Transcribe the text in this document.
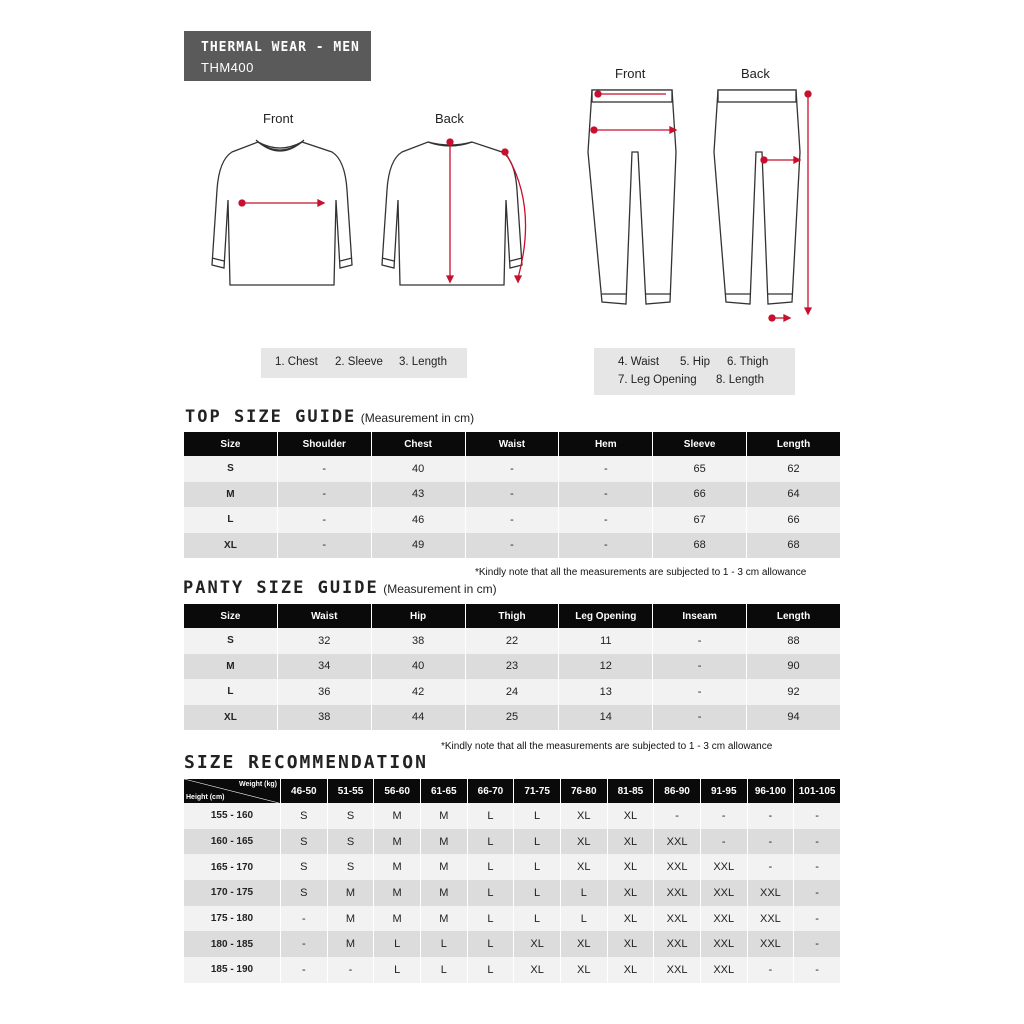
THERMAL WEAR - MEN
THM400
Front	Back
Front	Back
1. Chest 2. Sleeve 3. Length	4. Waist 5. Hip 6. Thigh
7. Leg Opening 8. Length
TOP SIZE GUIDE (Measurement in cm)
Size	Shoulder	Chest	Waist	Hem	Sleeve	Length
S	-	40	-	-	65	62
M	-	43	-	-	66	64
L	-	46	-	-	67	66
XL	-	49	-	-	68	68
*Kindly note that all the measurements are subjected to 1 - 3 cm allowance
PANTY SIZE GUIDE (Measurement in cm)
Size	Waist	Hip	Thigh	Leg Opening	Inseam	Length
S	32	38	22	11	-	88
M	34	40	23	12	-	90
L	36	42	24	13	-	92
XL	38	44	25	14	-	94
*Kindly note that all the measurements are subjected to 1 - 3 cm allowance
SIZE RECOMMENDATION
Weight (kg)
Height (cm)	46-50	51-55	56-60	61-65	66-70	71-75	76-80	81-85	86-90	91-95	96-100	101-105
155 - 160	S	S	M	M	L	L	XL	XL	-	-	-	-
160 - 165	S	S	M	M	L	L	XL	XL	XXL	-	-	-
165 - 170	S	S	M	M	L	L	XL	XL	XXL	XXL	-	-
170 - 175	S	M	M	M	L	L	L	XL	XXL	XXL	XXL	-
175 - 180	-	M	M	M	L	L	L	XL	XXL	XXL	XXL	-
180 - 185	-	M	L	L	L	XL	XL	XL	XXL	XXL	XXL	-
185 - 190	-	-	L	L	L	XL	XL	XL	XXL	XXL	-	-
